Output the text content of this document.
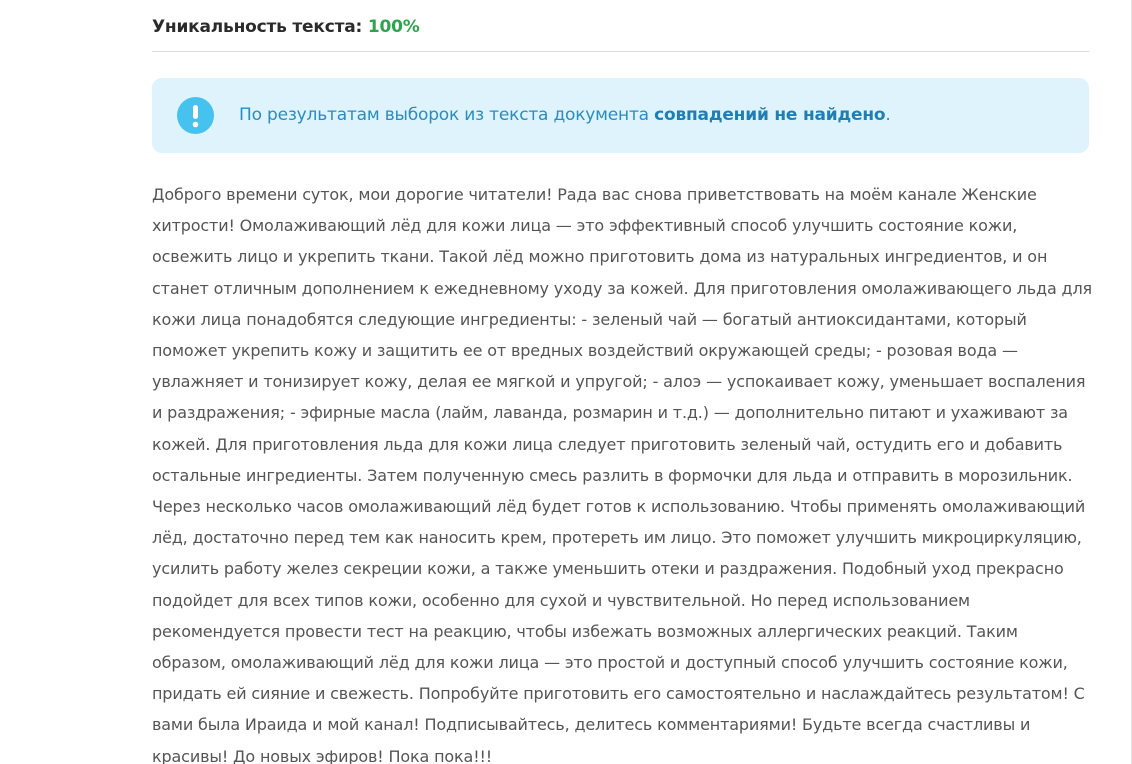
Уникальность текста: 100%
По результатам выборок из текста документа совпадений не найдено.
Доброго времени суток, мои дорогие читатели! Рада вас снова приветствовать на моём канале Женские хитрости! Омолаживающий лёд для кожи лица — это эффективный способ улучшить состояние кожи, освежить лицо и укрепить ткани. Такой лёд можно приготовить дома из натуральных ингредиентов, и он станет отличным дополнением к ежедневному уходу за кожей. Для приготовления омолаживающего льда для кожи лица понадобятся следующие ингредиенты: - зеленый чай — богатый антиоксидантами, который поможет укрепить кожу и защитить ее от вредных воздействий окружающей среды; - розовая вода — увлажняет и тонизирует кожу, делая ее мягкой и упругой; - алоэ — успокаивает кожу, уменьшает воспаления и раздражения; - эфирные масла (лайм, лаванда, розмарин и т.д.) — дополнительно питают и ухаживают за кожей. Для приготовления льда для кожи лица следует приготовить зеленый чай, остудить его и добавить остальные ингредиенты. Затем полученную смесь разлить в формочки для льда и отправить в морозильник. Через несколько часов омолаживающий лёд будет готов к использованию. Чтобы применять омолаживающий лёд, достаточно перед тем как наносить крем, протереть им лицо. Это поможет улучшить микроциркуляцию, усилить работу желез секреции кожи, а также уменьшить отеки и раздражения. Подобный уход прекрасно подойдет для всех типов кожи, особенно для сухой и чувствительной. Но перед использованием рекомендуется провести тест на реакцию, чтобы избежать возможных аллергических реакций. Таким образом, омолаживающий лёд для кожи лица — это простой и доступный способ улучшить состояние кожи, придать ей сияние и свежесть. Попробуйте приготовить его самостоятельно и наслаждайтесь результатом! С вами была Ираида и мой канал! Подписывайтесь, делитесь комментариями! Будьте всегда счастливы и красивы! До новых эфиров! Пока пока!!!
